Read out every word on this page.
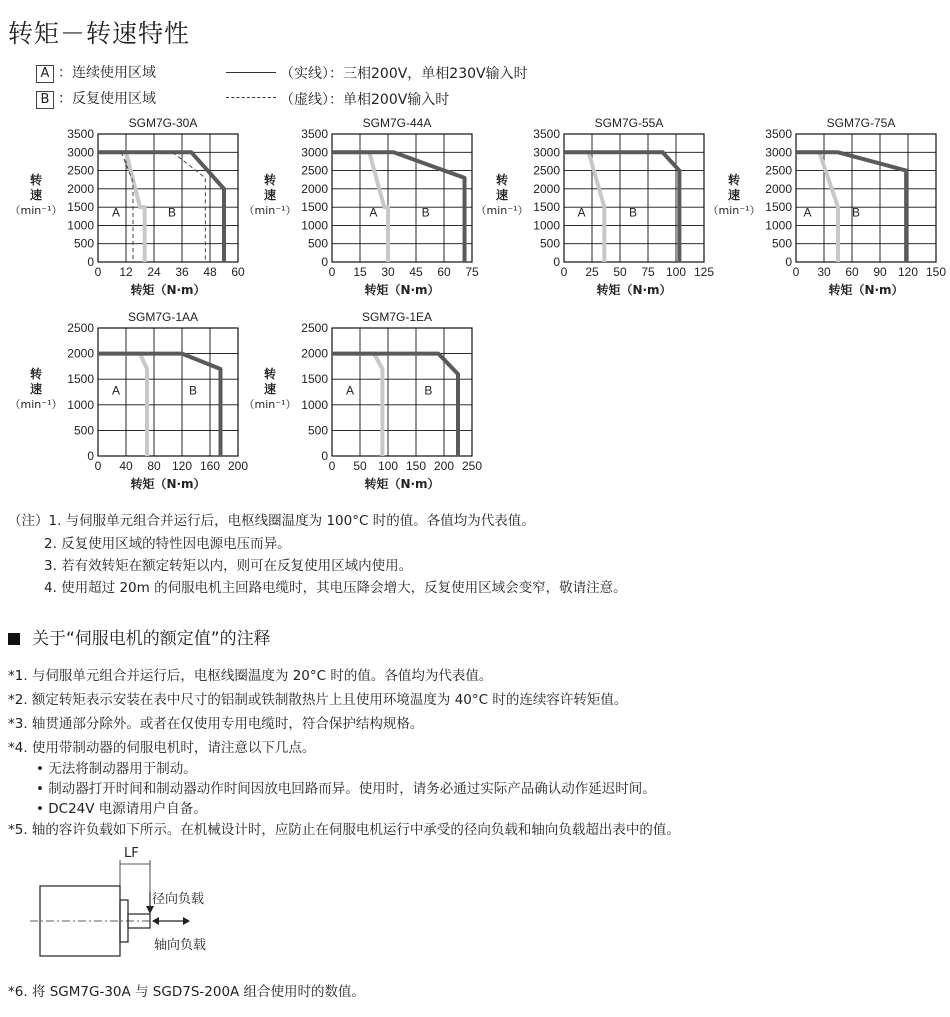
转矩－转速特性
A ：连续使用区域	（实线）：三相200V，单相230V输入时
B ：反复使用区域	（虚线）：单相200V输入时
SGM7G-30A
0 12 24 36 48 60
0
500
1000
1500
2000
2500
3000
3500
A	B
转
速
（min⁻¹）
转矩（N·m）
SGM7G-44A
0 15 30 45 60 75
0
500
1000
1500
2000
2500
3000
3500
A	B
转
速
（min⁻¹）
转矩（N·m）
SGM7G-55A
0 25 50 75 100 125
0
500
1000
1500
2000
2500
3000
3500
A	B
转
速
（min⁻¹）
转矩（N·m）
SGM7G-75A
0 30 60 90 120 150
0
500
1000
1500
2000
2500
3000
3500
A	B
转
速
（min⁻¹）
转矩（N·m）
SGM7G-1AA
0 40 80 120 160 200
0
500
1000
1500
2000
2500
A	B
转
速
（min⁻¹）
转矩（N·m）
SGM7G-1EA
0 50 100 150 200 250
0
500
1000
1500
2000
2500
A	B
转
速
（min⁻¹）
转矩（N·m）
（注）1. 与伺服单元组合并运行后，电枢线圈温度为 100°C 时的值。各值均为代表值。
2. 反复使用区域的特性因电源电压而异。
3. 若有效转矩在额定转矩以内，则可在反复使用区域内使用。
4. 使用超过 20m 的伺服电机主回路电缆时，其电压降会增大，反复使用区域会变窄，敬请注意。
关于“伺服电机的额定值”的注释
*1. 与伺服单元组合并运行后，电枢线圈温度为 20°C 时的值。各值均为代表值。
*2. 额定转矩表示安装在表中尺寸的铝制或铁制散热片上且使用环境温度为 40°C 时的连续容许转矩值。
*3. 轴贯通部分除外。或者在仅使用专用电缆时，符合保护结构规格。
*4. 使用带制动器的伺服电机时，请注意以下几点。
• 无法将制动器用于制动。
• 制动器打开时间和制动器动作时间因放电回路而异。使用时，请务必通过实际产品确认动作延迟时间。
• DC24V 电源请用户自备。
*5. 轴的容许负载如下所示。在机械设计时，应防止在伺服电机运行中承受的径向负载和轴向负载超出表中的值。
LF
径向负载
轴向负载
*6. 将 SGM7G-30A 与 SGD7S-200A 组合使用时的数值。
